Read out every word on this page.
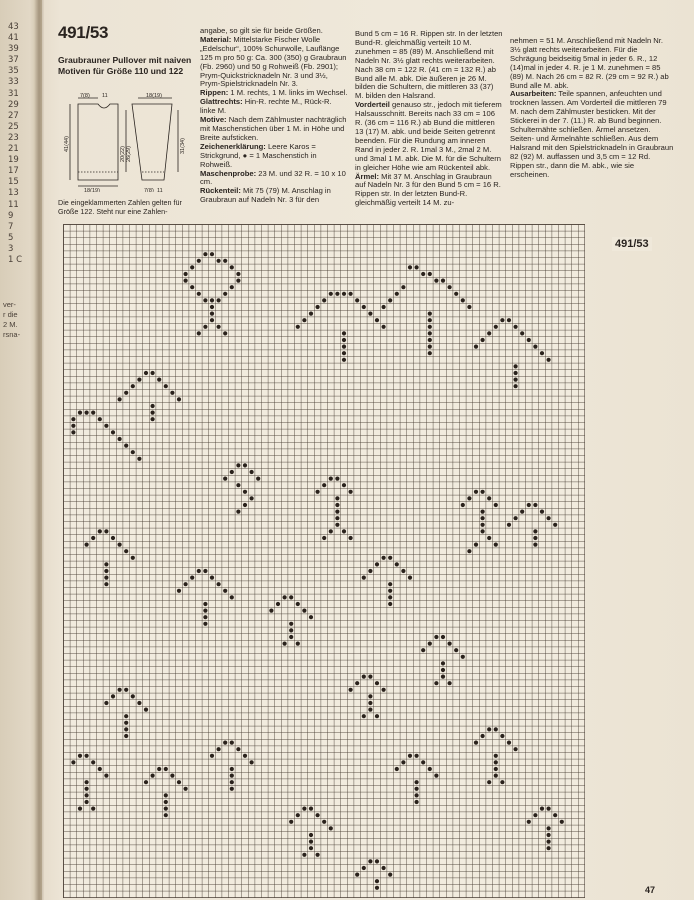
43
41
39
37
35
33
31
29
27
25
23
21
19
17
15
13
11
9
7
5
3
1 C
ver-
r die
2 M.
rsna-
491/53
Graubrauner Pullover mit naiven Motiven für Größe 110 und 122
7(8) 11	18(19)
41(44)
20(22) 26(29)
31(34)
18(19)	7(8) 11
Die eingeklammerten Zahlen gelten für Größe 122. Steht nur eine Zahlen-

angabe, so gilt sie für beide Größen.

Material: Mittelstarke Fischer Wolle „Edelschur“, 100% Schurwolle, Lauflänge 125 m pro 50 g: Ca. 300 (350) g Graubraun (Fb. 2960) und 50 g Rohweiß (Fb. 2901); Prym-Quickstricknadeln Nr. 3 und 3½, Prym-Spielstricknadeln Nr. 3.

Rippen: 1 M. rechts, 1 M. links im Wechsel.

Glattrechts: Hin-R. rechte M., Rück-R. linke M.

Motive: Nach dem Zählmuster nachträglich mit Maschenstichen über 1 M. in Höhe und Breite aufsticken.

Zeichenerklärung: Leere Karos = Strickgrund, ● = 1 Maschenstich in Rohweiß.

Maschenprobe: 23 M. und 32 R. = 10 x 10 cm.

Rückenteil: Mit 75 (79) M. Anschlag in Graubraun auf Nadeln Nr. 3 für den

Bund 5 cm = 16 R. Rippen str. In der letzten Bund-R. gleichmäßig verteilt 10 M. zunehmen = 85 (89) M. Anschließend mit Nadeln Nr. 3½ glatt rechts weiterarbeiten. Nach 38 cm = 122 R. (41 cm = 132 R.) ab Bund alle M. abk. Die äußeren je 26 M. bilden die Schultern, die mittleren 33 (37) M. bilden den Halsrand.

Vorderteil genauso str., jedoch mit tieferem Halsausschnitt. Bereits nach 33 cm = 106 R. (36 cm = 116 R.) ab Bund die mittleren 13 (17) M. abk. und beide Seiten getrennt beenden. Für die Rundung am inneren Rand in jeder 2. R. 1mal 3 M., 2mal 2 M. und 3mal 1 M. abk. Die M. für die Schultern in gleicher Höhe wie am Rückenteil abk.

Ärmel: Mit 37 M. Anschlag in Graubraun auf Nadeln Nr. 3 für den Bund 5 cm = 16 R. Rippen str. In der letzten Bund-R. gleichmäßig verteilt 14 M. zu-

nehmen = 51 M. Anschließend mit Nadeln Nr. 3½ glatt rechts weiterarbeiten. Für die Schrägung beidseitig 5mal in jeder 6. R., 12 (14)mal in jeder 4. R. je 1 M. zunehmen = 85 (89) M. Nach 26 cm = 82 R. (29 cm = 92 R.) ab Bund alle M. abk.

Ausarbeiten: Teile spannen, anfeuchten und trocknen lassen. Am Vorderteil die mittleren 79 M. nach dem Zählmuster besticken. Mit der Stickerei in der 7. (11.) R. ab Bund beginnen. Schulternähte schließen. Ärmel ansetzen. Seiten- und Ärmelnähte schließen. Aus dem Halsrand mit den Spielstricknadeln in Graubraun 82 (92) M. auffassen und 3,5 cm = 12 Rd. Rippen str., dann die M. abk., wie sie erscheinen.

491/53
47
